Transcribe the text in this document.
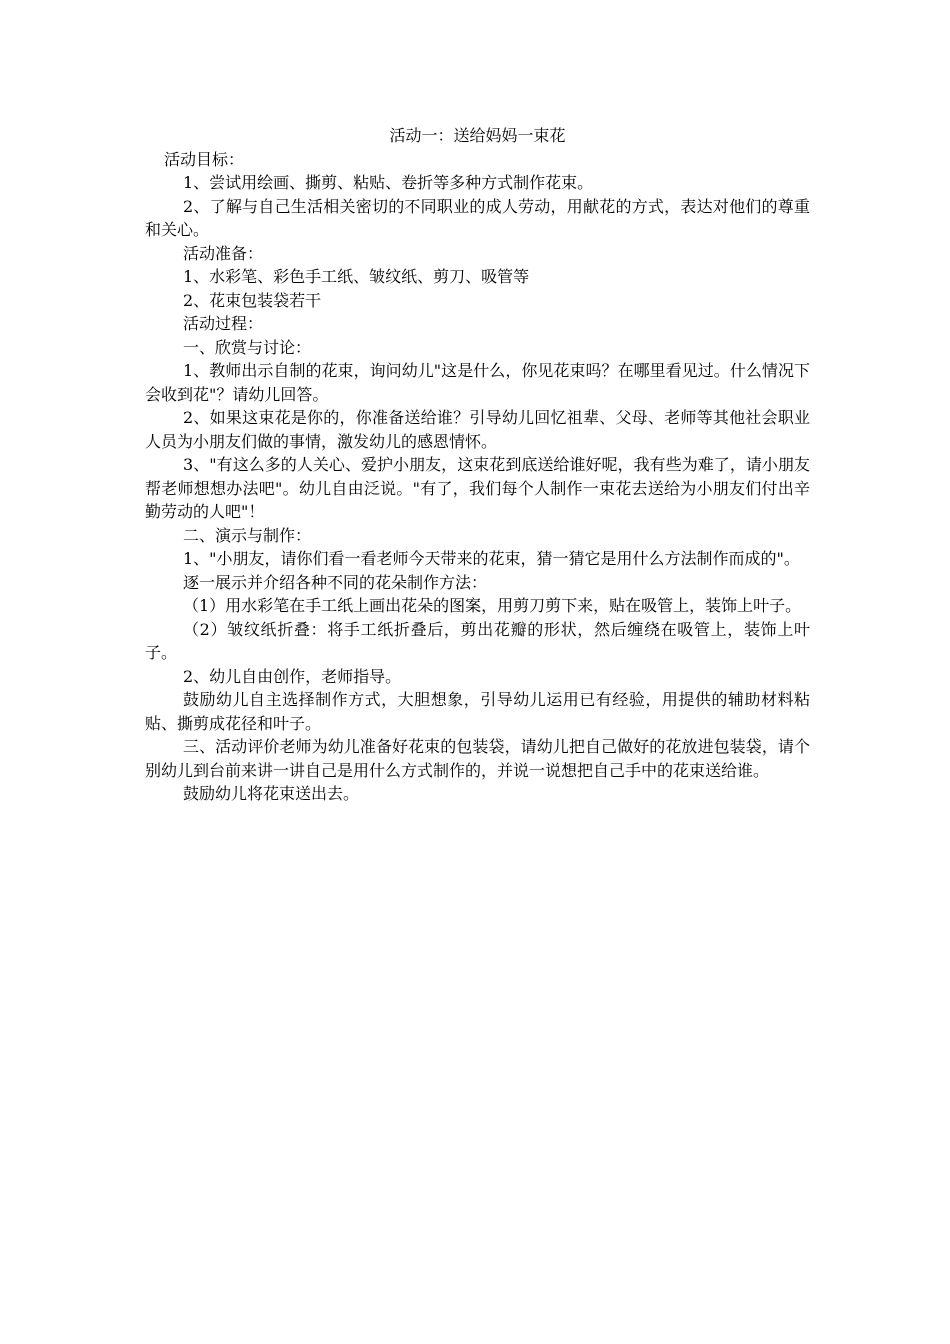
活动一：送给妈妈一束花

活动目标：

1、尝试用绘画、撕剪、粘贴、卷折等多种方式制作花束。

2、了解与自己生活相关密切的不同职业的成人劳动，用献花的方式，表达对他们的尊重和关心。

活动准备：

1、水彩笔、彩色手工纸、皱纹纸、剪刀、吸管等

2、花束包装袋若干

活动过程：

一、欣赏与讨论：

1、教师出示自制的花束，询问幼儿"这是什么，你见花束吗？在哪里看见过。什么情况下会收到花"？请幼儿回答。

2、如果这束花是你的，你准备送给谁？引导幼儿回忆祖辈、父母、老师等其他社会职业人员为小朋友们做的事情，激发幼儿的感恩情怀。

3、"有这么多的人关心、爱护小朋友，这束花到底送给谁好呢，我有些为难了，请小朋友帮老师想想办法吧"。幼儿自由泛说。"有了，我们每个人制作一束花去送给为小朋友们付出辛勤劳动的人吧"！

二、演示与制作：

1、"小朋友，请你们看一看老师今天带来的花束，猜一猜它是用什么方法制作而成的"。

逐一展示并介绍各种不同的花朵制作方法：

（1）用水彩笔在手工纸上画出花朵的图案，用剪刀剪下来，贴在吸管上，装饰上叶子。

（2）皱纹纸折叠：将手工纸折叠后，剪出花瓣的形状，然后缠绕在吸管上，装饰上叶子。

2、幼儿自由创作，老师指导。

鼓励幼儿自主选择制作方式，大胆想象，引导幼儿运用已有经验，用提供的辅助材料粘贴、撕剪成花径和叶子。

三、活动评价老师为幼儿准备好花束的包装袋，请幼儿把自己做好的花放进包装袋，请个别幼儿到台前来讲一讲自己是用什么方式制作的，并说一说想把自己手中的花束送给谁。

鼓励幼儿将花束送出去。
